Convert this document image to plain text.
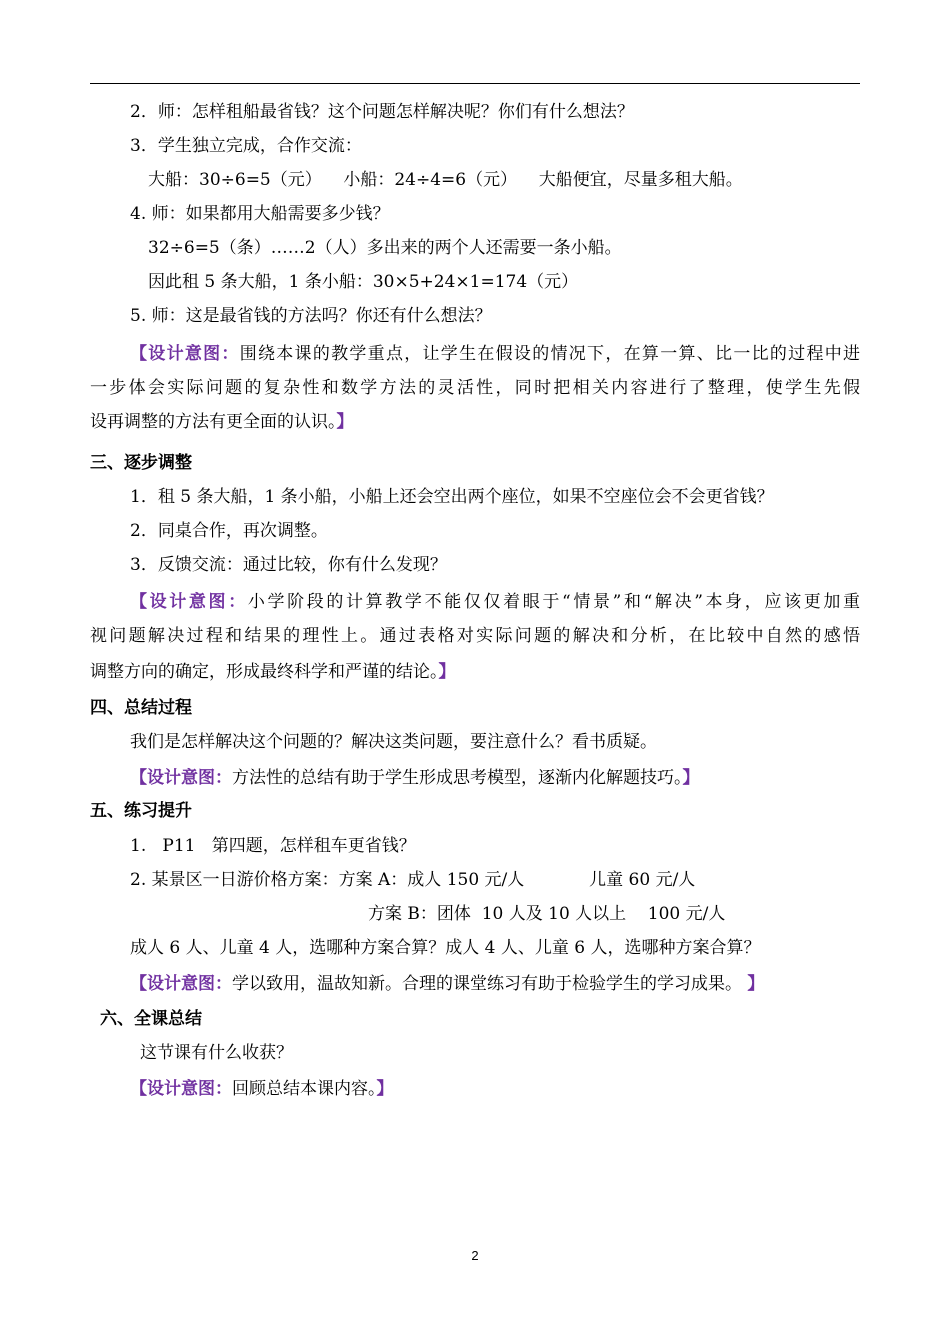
2．师：怎样租船最省钱？这个问题怎样解决呢？你们有什么想法？
3．学生独立完成，合作交流：
大船：30÷6=5（元）    小船：24÷4=6（元）    大船便宜，尽量多租大船。
4. 师：如果都用大船需要多少钱？
32÷6=5（条）……2（人）多出来的两个人还需要一条小船。
因此租 5 条大船，1 条小船：30×5+24×1=174（元）
5. 师：这是最省钱的方法吗？你还有什么想法？
【设计意图：围绕本课的教学重点，让学生在假设的情况下，在算一算、比一比的过程中进
一步体会实际问题的复杂性和数学方法的灵活性，同时把相关内容进行了整理，使学生先假
设再调整的方法有更全面的认识。】
三、逐步调整
1．租 5 条大船，1 条小船，小船上还会空出两个座位，如果不空座位会不会更省钱？
2．同桌合作，再次调整。
3．反馈交流：通过比较，你有什么发现？
【设计意图：小学阶段的计算教学不能仅仅着眼于“情景”和“解决”本身，应该更加重
视问题解决过程和结果的理性上。通过表格对实际问题的解决和分析，在比较中自然的感悟
调整方向的确定，形成最终科学和严谨的结论。】
四、总结过程
我们是怎样解决这个问题的？解决这类问题，要注意什么？看书质疑。
【设计意图：方法性的总结有助于学生形成思考模型，逐渐内化解题技巧。】
五、练习提升
1.   P11   第四题，怎样租车更省钱？
2. 某景区一日游价格方案：方案 A：成人 150 元/人            儿童 60 元/人
方案 B：团体  10 人及 10 人以上    100 元/人
成人 6 人、儿童 4 人，选哪种方案合算？成人 4 人、儿童 6 人，选哪种方案合算？
【设计意图：学以致用，温故知新。合理的课堂练习有助于检验学生的学习成果。 】
六、全课总结
这节课有什么收获？
【设计意图：回顾总结本课内容。】
2
